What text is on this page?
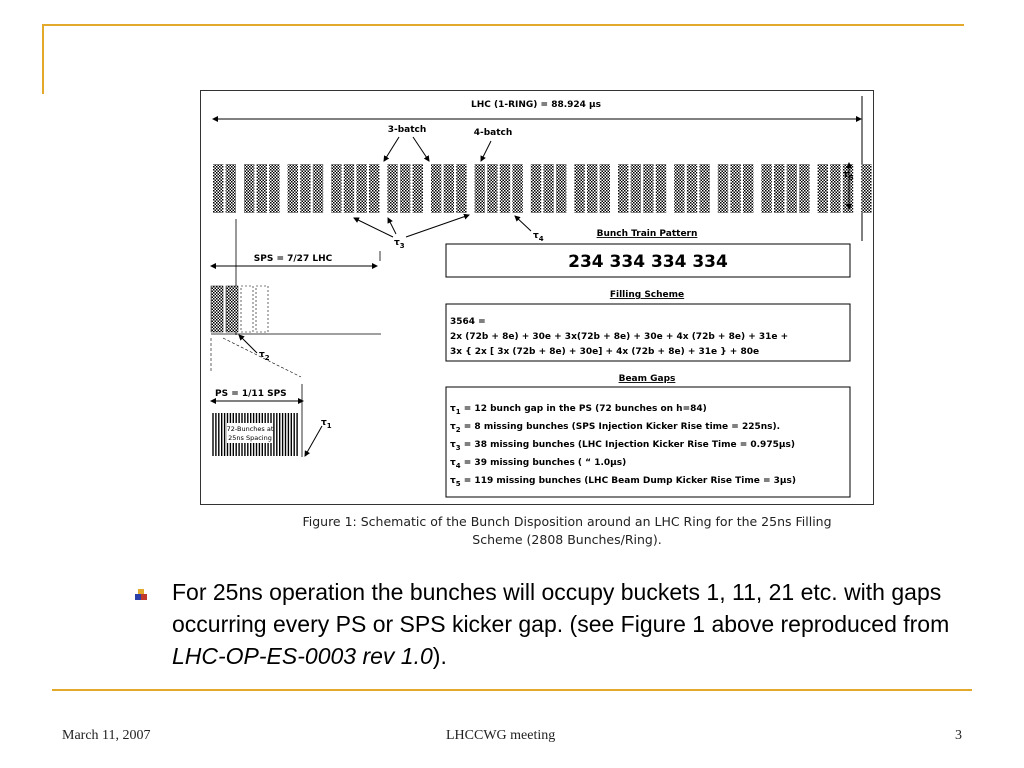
LHC (1-RING) = 88.924 µs
3-batch	4-batch
$\tau_5$
$\tau_3$
$\tau_4$
SPS = 7/27 LHC
$\tau_2$
PS = 1/11 SPS
72-Bunches at
25ns Spacing
$\tau_1$
Bunch Train Pattern
234 334 334 334
Filling Scheme
3564 =
2x (72b + 8e) + 30e + 3x(72b + 8e) + 30e + 4x (72b + 8e) + 31e +
3x { 2x [ 3x (72b + 8e) + 30e] + 4x (72b + 8e) + 31e } + 80e
Beam Gaps
$\tau_1 = 12$ bunch gap in the PS (72 bunches on h=84)
$\tau_2 = 8$ missing bunches (SPS Injection Kicker Rise time = 225ns).
$\tau_3 = 38$ missing bunches (LHC Injection Kicker Rise Time = 0.975µs)
$\tau_4 = 39$ missing bunches ( “ 1.0µs)
$\tau_5 = 119$ missing bunches (LHC Beam Dump Kicker Rise Time = 3µs)
Figure 1: Schematic of the Bunch Disposition around an LHC Ring for the 25ns Filling
Scheme (2808 Bunches/Ring).
For 25ns operation the bunches will occupy buckets 1, 11, 21 etc. with gaps occurring every PS or SPS kicker gap. (see Figure 1 above reproduced from LHC-OP-ES-0003 rev 1.0).
March 11, 2007	LHCCWG meeting	3
